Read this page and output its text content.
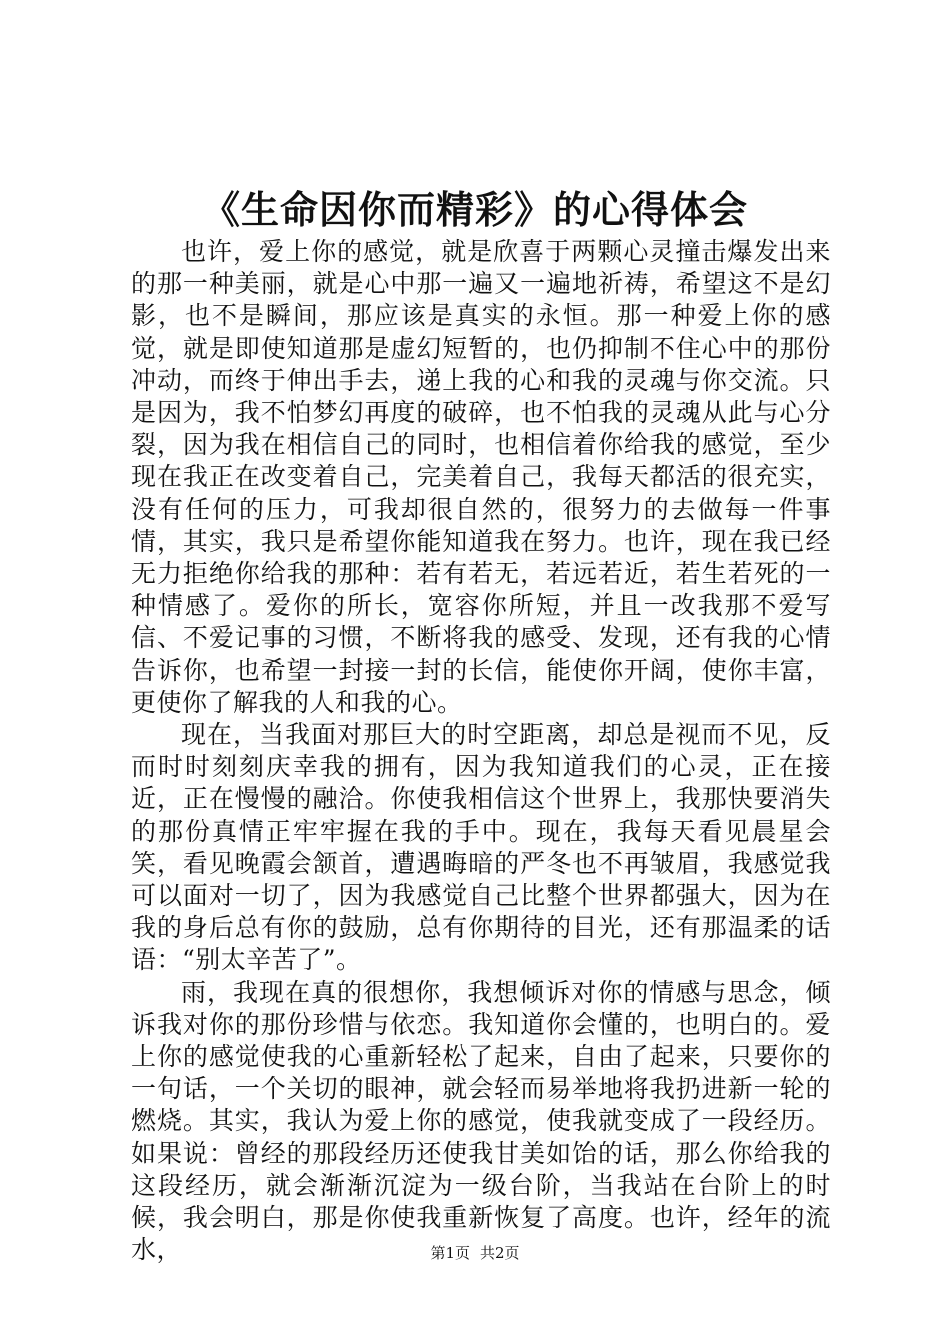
《生命因你而精彩》的心得体会

也许，爱上你的感觉，就是欣喜于两颗心灵撞击爆发出来的那一种美丽，就是心中那一遍又一遍地祈祷，希望这不是幻影，也不是瞬间，那应该是真实的永恒。那一种爱上你的感觉，就是即使知道那是虚幻短暂的，也仍抑制不住心中的那份冲动，而终于伸出手去，递上我的心和我的灵魂与你交流。只是因为，我不怕梦幻再度的破碎，也不怕我的灵魂从此与心分裂，因为我在相信自己的同时，也相信着你给我的感觉，至少现在我正在改变着自己，完美着自己，我每天都活的很充实，没有任何的压力，可我却很自然的，很努力的去做每一件事情，其实，我只是希望你能知道我在努力。也许，现在我已经无力拒绝你给我的那种：若有若无，若远若近，若生若死的一种情感了。爱你的所长，宽容你所短，并且一改我那不爱写信、不爱记事的习惯，不断将我的感受、发现，还有我的心情告诉你，也希望一封接一封的长信，能使你开阔，使你丰富，更使你了解我的人和我的心。

现在，当我面对那巨大的时空距离，却总是视而不见，反而时时刻刻庆幸我的拥有，因为我知道我们的心灵，正在接近，正在慢慢的融洽。你使我相信这个世界上，我那快要消失的那份真情正牢牢握在我的手中。现在，我每天看见晨星会笑，看见晚霞会颔首，遭遇晦暗的严冬也不再皱眉，我感觉我可以面对一切了，因为我感觉自己比整个世界都强大，因为在我的身后总有你的鼓励，总有你期待的目光，还有那温柔的话语：“别太辛苦了”。

雨，我现在真的很想你，我想倾诉对你的情感与思念，倾诉我对你的那份珍惜与依恋。我知道你会懂的，也明白的。爱上你的感觉使我的心重新轻松了起来，自由了起来，只要你的一句话，一个关切的眼神，就会轻而易举地将我扔进新一轮的燃烧。其实，我认为爱上你的感觉，使我就变成了一段经历。如果说：曾经的那段经历还使我甘美如饴的话，那么你给我的这段经历，就会渐渐沉淀为一级台阶，当我站在台阶上的时候，我会明白，那是你使我重新恢复了高度。也许，经年的流水，	第1页 共2页
